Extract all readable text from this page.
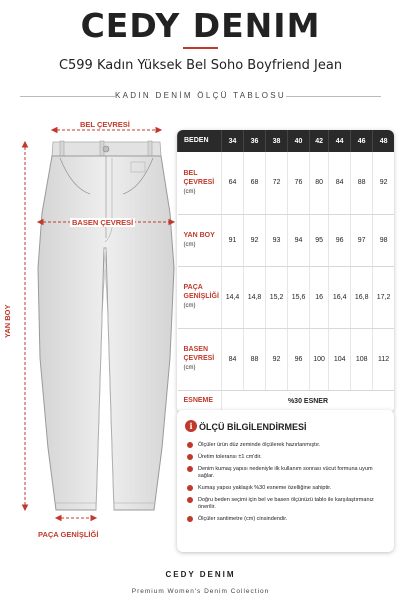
CEDY DENIM
C599 Kadın Yüksek Bel Soho Boyfriend Jean
KADIN DENİM ÖLÇÜ TABLOSU
BEL ÇEVRESİ
BASEN ÇEVRESİ
YAN BOY
PAÇA GENİŞLİĞİ
BEDEN	34	36	38	40	42	44	46	48
BEL
ÇEVRESİ
(cm)	64	68	72	76	80	84	88	92
YAN BOY
(cm)	91	92	93	94	95	96	97	98
PAÇA
GENİŞLİĞİ
(cm)	14,4	14,8	15,2	15,6	16	16,4	16,8	17,2
BASEN
ÇEVRESİ
(cm)	84	88	92	96	100	104	108	112
ESNEME	%30 ESNER							
i ÖLÇÜ BİLGİLENDİRMESİ
Ölçüler ürün düz zeminde ölçülerek hazırlanmıştır.
Üretim toleransı ±1 cm'dir.
Denim kumaş yapısı nedeniyle ilk kullanım sonrası vücut formuna uyum sağlar.
Kumaş yapısı yaklaşık %30 esneme özelliğine sahiptir.
Doğru beden seçimi için bel ve basen ölçünüzü tablo ile karşılaştırmanız önerilir.
Ölçüler santimetre (cm) cinsindendir.
CEDY DENIM
Premium Women's Denim Collection
